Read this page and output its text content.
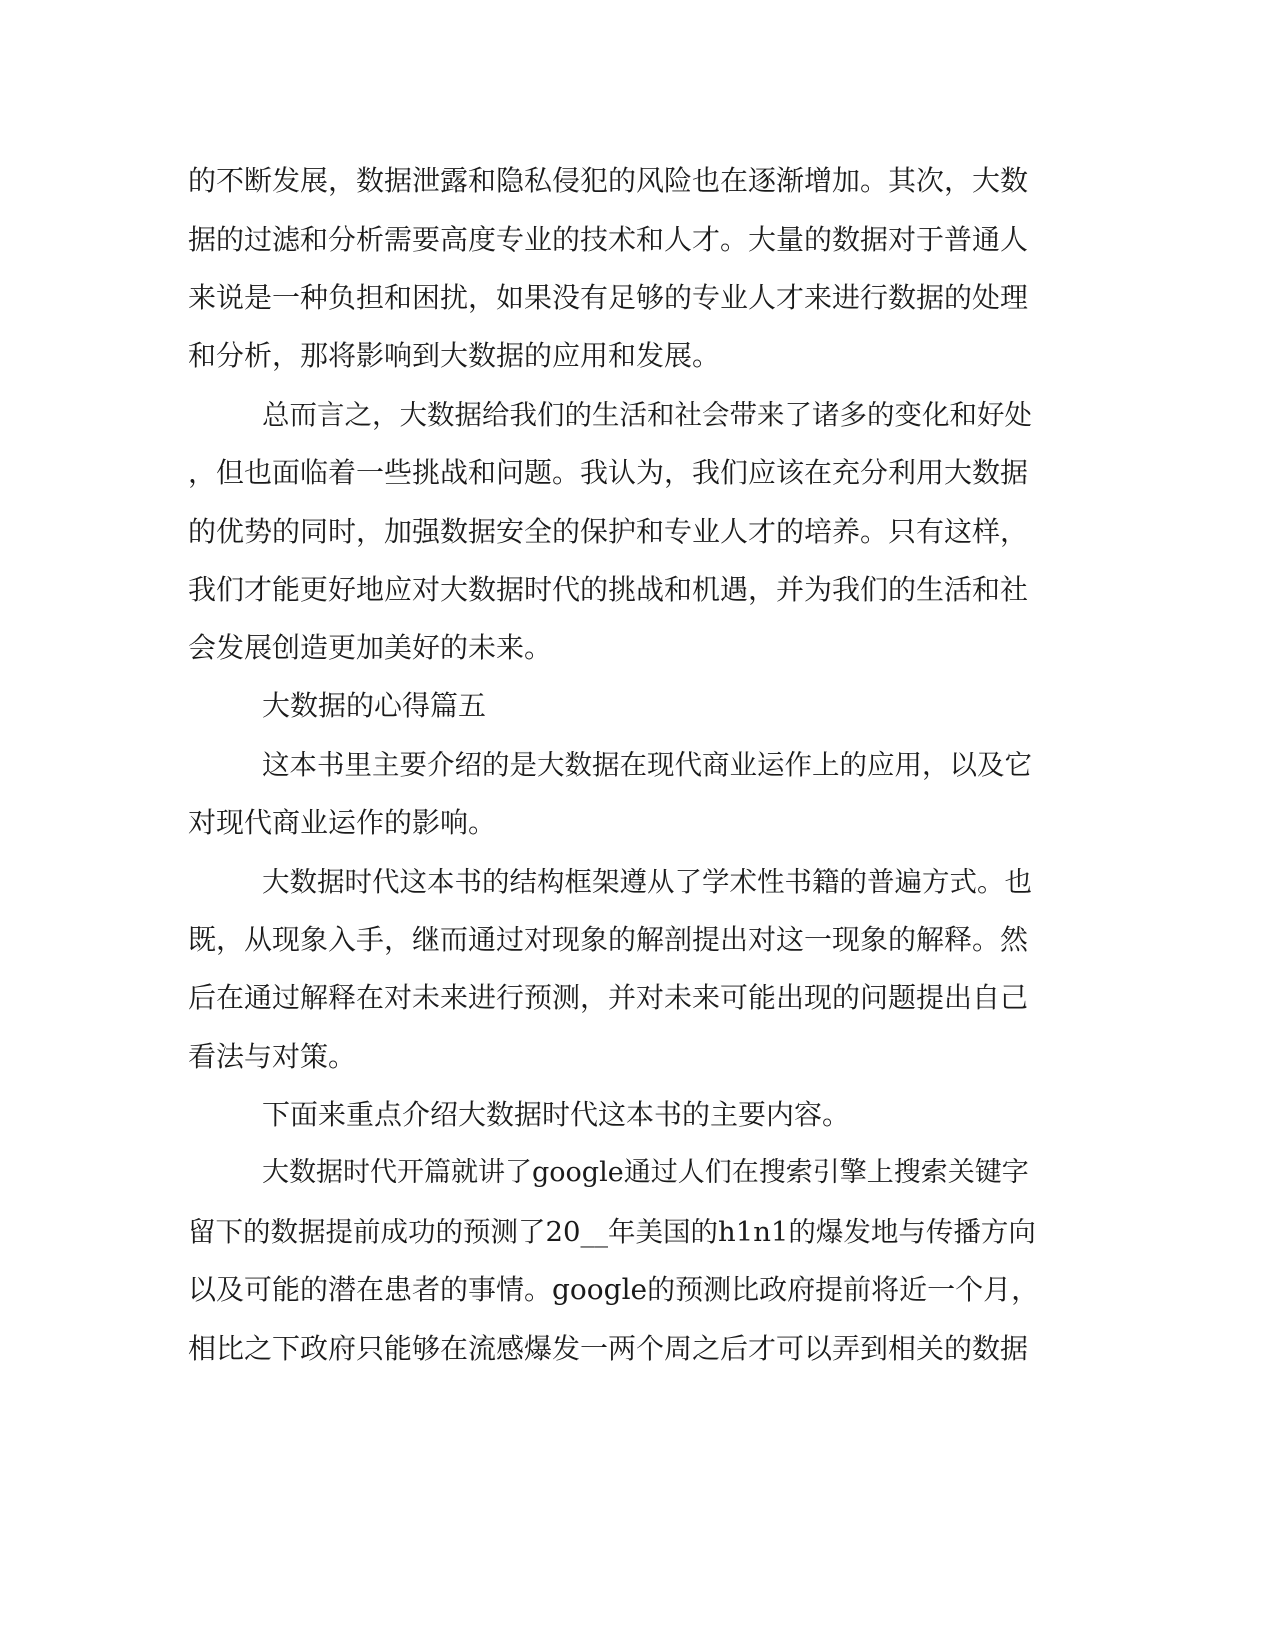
的不断发展，数据泄露和隐私侵犯的风险也在逐渐增加。其次，大数
据的过滤和分析需要高度专业的技术和人才。大量的数据对于普通人
来说是一种负担和困扰，如果没有足够的专业人才来进行数据的处理
和分析，那将影响到大数据的应用和发展。
总而言之，大数据给我们的生活和社会带来了诸多的变化和好处
，但也面临着一些挑战和问题。我认为，我们应该在充分利用大数据
的优势的同时，加强数据安全的保护和专业人才的培养。只有这样，
我们才能更好地应对大数据时代的挑战和机遇，并为我们的生活和社
会发展创造更加美好的未来。
大数据的心得篇五
这本书里主要介绍的是大数据在现代商业运作上的应用，以及它
对现代商业运作的影响。
大数据时代这本书的结构框架遵从了学术性书籍的普遍方式。也
既，从现象入手，继而通过对现象的解剖提出对这一现象的解释。然
后在通过解释在对未来进行预测，并对未来可能出现的问题提出自己
看法与对策。
下面来重点介绍大数据时代这本书的主要内容。
大数据时代开篇就讲了google通过人们在搜索引擎上搜索关键字
留下的数据提前成功的预测了20__年美国的h1n1的爆发地与传播方向
以及可能的潜在患者的事情。google的预测比政府提前将近一个月，
相比之下政府只能够在流感爆发一两个周之后才可以弄到相关的数据
